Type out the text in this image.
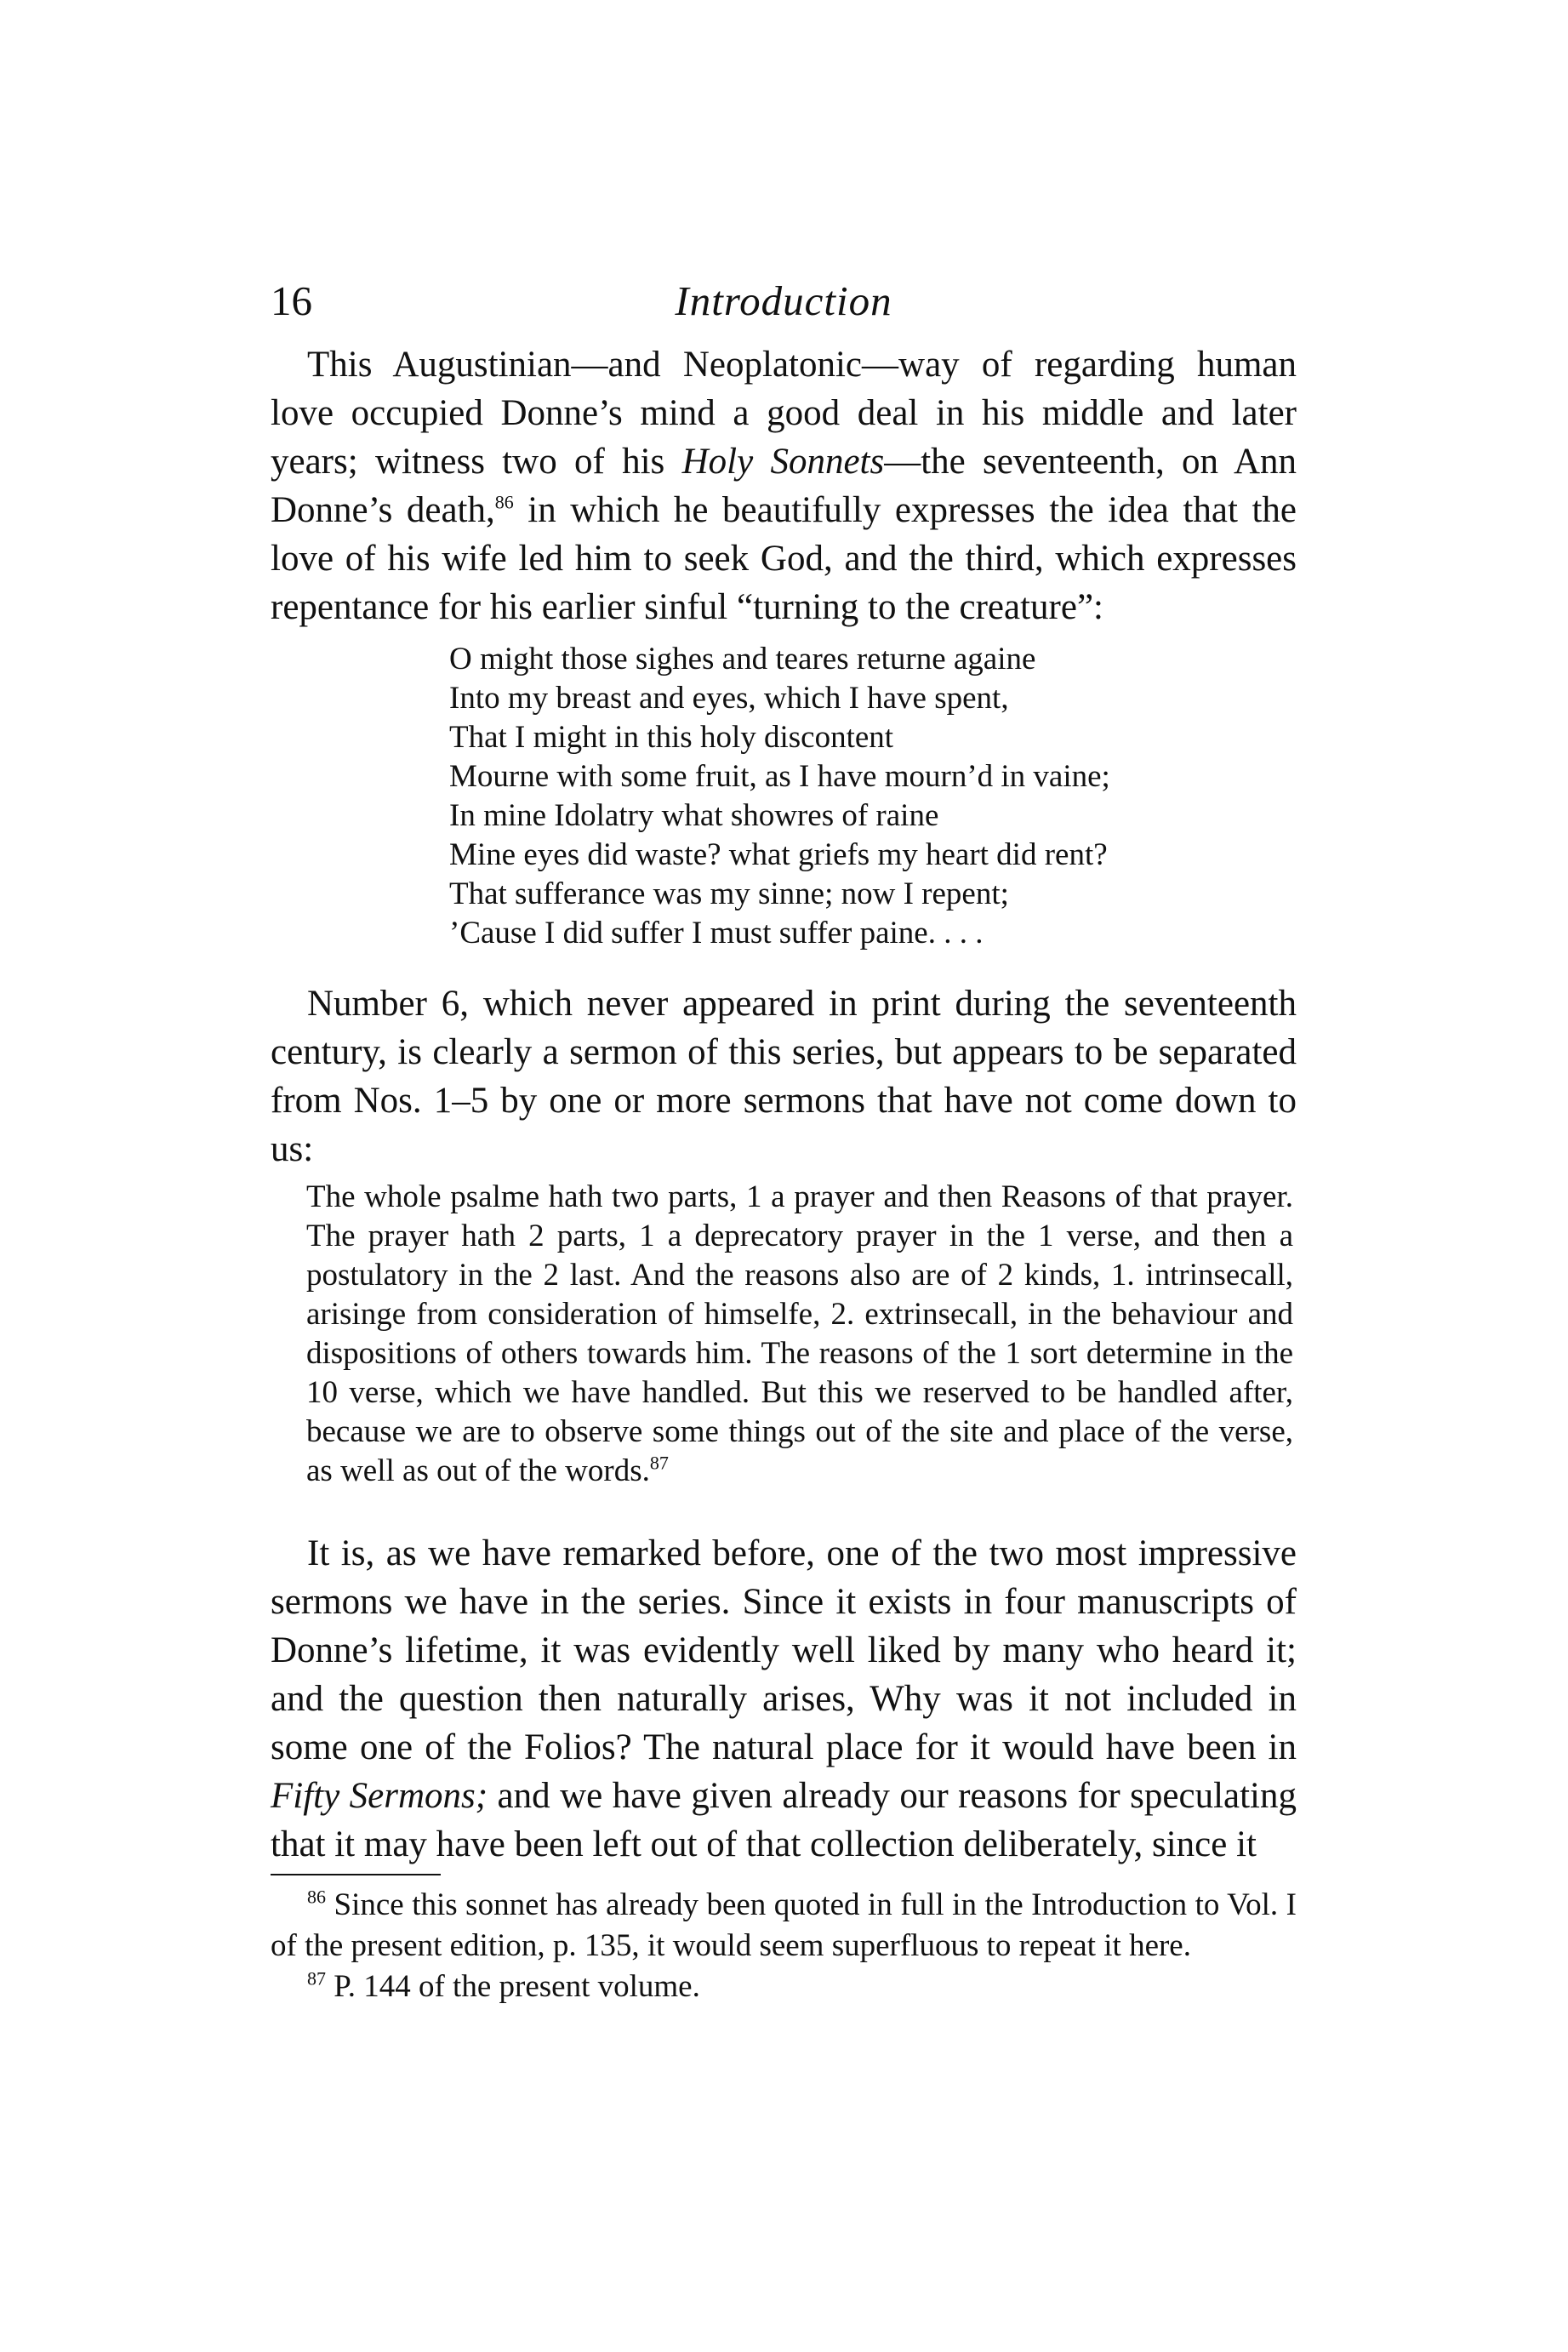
16	Introduction

This Augustinian—and Neoplatonic—way of regarding human love occupied Donne’s mind a good deal in his middle and later years; witness two of his Holy Sonnets—the seventeenth, on Ann Donne’s death,$^{86}$ in which he beautifully expresses the idea that the love of his wife led him to seek God, and the third, which expresses repentance for his earlier sinful “turning to the creature”:

O might those sighes and teares returne againe
Into my breast and eyes, which I have spent,
That I might in this holy discontent
Mourne with some fruit, as I have mourn’d in vaine;
In mine Idolatry what showres of raine
Mine eyes did waste? what griefs my heart did rent?
That sufferance was my sinne; now I repent;
’Cause I did suffer I must suffer paine. . . .

Number 6, which never appeared in print during the seventeenth century, is clearly a sermon of this series, but appears to be separated from Nos. 1–5 by one or more sermons that have not come down to us:

The whole psalme hath two parts, 1 a prayer and then Reasons of that prayer. The prayer hath 2 parts, 1 a deprecatory prayer in the 1 verse, and then a postulatory in the 2 last. And the reasons also are of 2 kinds, 1. intrinsecall, arisinge from consideration of himselfe, 2. extrinsecall, in the behaviour and dispositions of others towards him. The reasons of the 1 sort determine in the 10 verse, which we have handled. But this we reserved to be handled after, because we are to observe some things out of the site and place of the verse, as well as out of the words.$^{87}$

It is, as we have remarked before, one of the two most impressive sermons we have in the series. Since it exists in four manuscripts of Donne’s lifetime, it was evidently well liked by many who heard it; and the question then naturally arises, Why was it not included in some one of the Folios? The natural place for it would have been in Fifty Sermons; and we have given already our reasons for speculating that it may have been left out of that collection deliberately, since it

$^{86}$ Since this sonnet has already been quoted in full in the Introduction to Vol. I of the present edition, p. 135, it would seem superfluous to repeat it here.

$^{87}$ P. 144 of the present volume.
